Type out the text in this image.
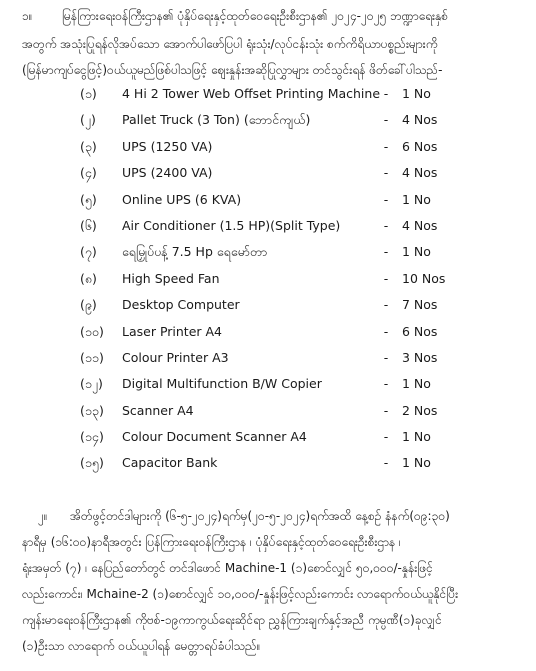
၁။ မြန်ကြားရေးဝန်ကြီးဌာန၏ ပုံနှိပ်ရေးနှင့်ထုတ်ဝေရေးဦးစီးဌာန၏ ၂၀၂၄-၂၀၂၅ ဘဏ္ဍာရေးနှစ်
အတွက် အသုံးပြုရန်လိုအပ်သော အောက်ပါဖော်ပြပါ ရုံးသုံး/လုပ်ငန်းသုံး စက်ကိရိယာပစ္စည်းများကို
(မြန်မာကျပ်ငွေဖြင့်)ဝယ်ယူမည်ဖြစ်ပါသဖြင့် ဈေးနှုန်းအဆိုပြုလွှာများ တင်သွင်းရန် ဖိတ်ခေါ်ပါသည်-
(၁)	4 Hi 2 Tower Web Offset Printing Machine -	1 No
(၂)	Pallet Truck (3 Ton) (ဘောင်ကျယ်)	-	4 Nos
(၃)	UPS (1250 VA)	-	6 Nos
(၄)	UPS (2400 VA)	-	4 Nos
(၅)	Online UPS (6 KVA)	-	1 No
(၆)	Air Conditioner (1.5 HP)(Split Type)	-	4 Nos
(၇)	ရေမြှုပ်ပန့် 7.5 Hp ရေမော်တာ	-	1 No
(၈)	High Speed Fan	-	10 Nos
(၉)	Desktop Computer	-	7 Nos
(၁၀)	Laser Printer A4	-	6 Nos
(၁၁)	Colour Printer A3	-	3 Nos
(၁၂)	Digital Multifunction B/W Copier	-	1 No
(၁၃)	Scanner A4	-	2 Nos
(၁၄)	Colour Document Scanner A4	-	1 No
(၁၅)	Capacitor Bank	-	1 No
၂။ အိတ်ဖွင့်တင်ဒါများကို (၆-၅-၂၀၂၄)ရက်မှ(၂၀-၅-၂၀၂၄)ရက်အထိ နေ့စဉ် နံနက်(၀၉:၃၀)
နာရီမှ (၁၆:၀၀)နာရီအတွင်း ပြန်ကြားရေးဝန်ကြီးဌာန ၊ ပုံနှိပ်ရေးနှင့်ထုတ်ဝေရေးဦးစီးဌာန ၊
ရုံးအမှတ် (၇) ၊ နေပြည်တော်တွင် တင်ဒါဖောင် Machine-1 (၁)စောင်လျှင် ၅၀,၀၀၀/-နှုန်းဖြင့်
လည်းကောင်း၊ Mchaine-2 (၁)စောင်လျှင် ၁၀,၀၀၀/-နှုန်းဖြင့်လည်းကောင်း လာရောက်ဝယ်ယူနိုင်ပြီး
ကျန်းမာရေးဝန်ကြီးဌာန၏ ကိုဗစ်-၁၉ကာကွယ်ရေးဆိုင်ရာ ညွှန်ကြားချက်နှင့်အညီ ကုမ္ပဏီ(၁)ခုလျှင်
(၁)ဦးသာ လာရောက် ဝယ်ယူပါရန် မေတ္တာရပ်ခံပါသည်။
